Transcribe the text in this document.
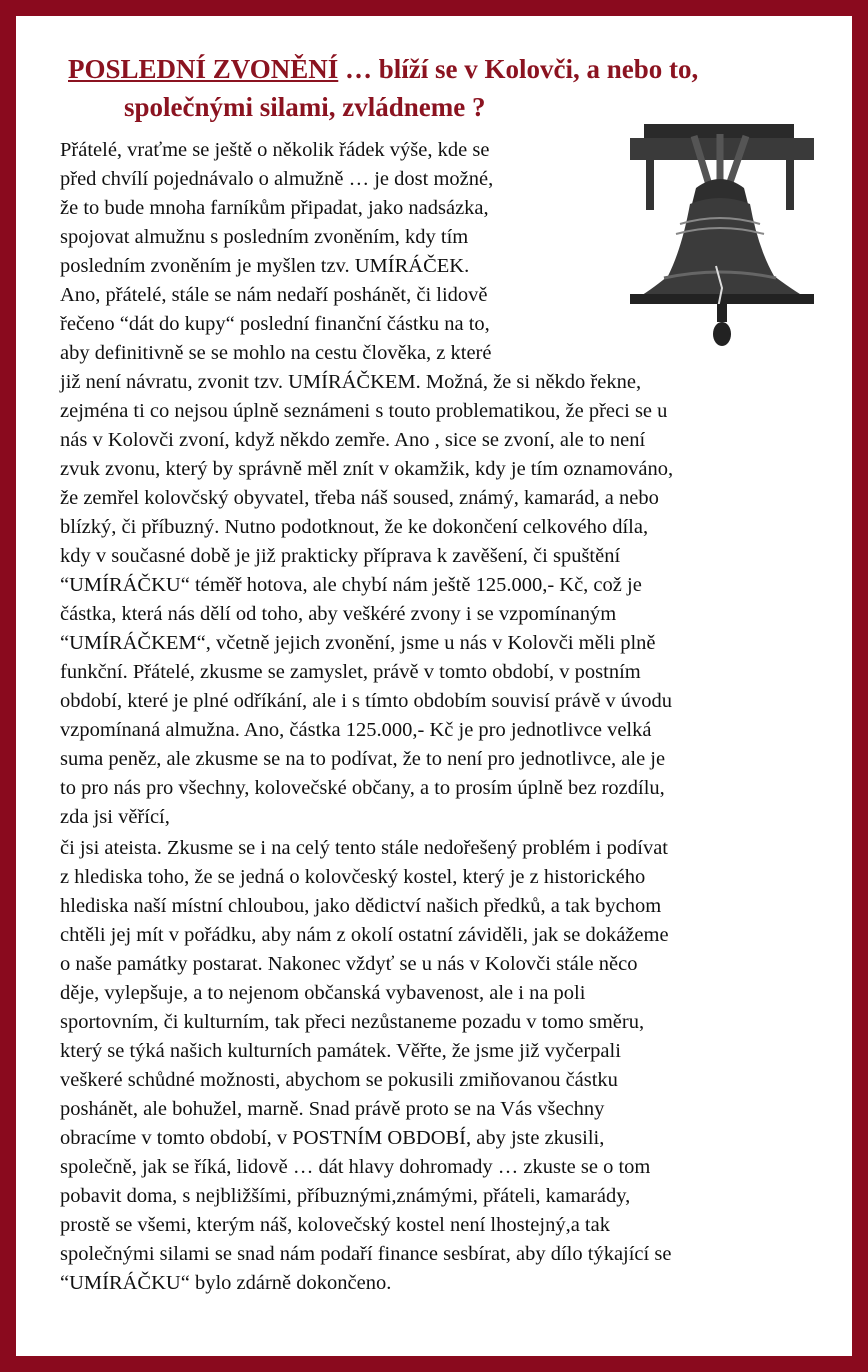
POSLEDNÍ ZVONĚNÍ … blíží se v Kolovči, a nebo to,
společnými silami, zvládneme ?
Přátelé, vraťme se ještě o několik řádek výše, kde se
před chvílí pojednávalo o almužně … je dost možné,
že to bude mnoha farníkům připadat, jako nadsázka,
spojovat almužnu s posledním zvoněním, kdy tím
posledním zvoněním je myšlen tzv. UMÍRÁČEK.
Ano, přátelé, stále se nám nedaří poshánět, či lidově
řečeno “dát do kupy“ poslední finanční částku na to,
aby definitivně se se mohlo na cestu člověka, z které
již není návratu, zvonit tzv. UMÍRÁČKEM. Možná, že si někdo řekne,
zejména ti co nejsou úplně seznámeni s touto problematikou, že přeci se u
nás v Kolovči zvoní, když někdo zemře. Ano , sice se zvoní, ale to není
zvuk zvonu, který by správně měl znít v okamžik, kdy je tím oznamováno,
že zemřel kolovčský obyvatel, třeba náš soused, známý, kamarád, a nebo
blízký, či příbuzný. Nutno podotknout, že ke dokončení celkového díla,
kdy v současné době je již prakticky příprava k zavěšení, či spuštění
“UMÍRÁČKU“ téměř hotova, ale chybí nám ještě 125.000,- Kč, což je
částka, která nás dělí od toho, aby veškéré zvony i se vzpomínaným
“UMÍRÁČKEM“, včetně jejich zvonění, jsme u nás v Kolovči měli plně
funkční. Přátelé, zkusme se zamyslet, právě v tomto období, v postním
období, které je plné odříkání, ale i s tímto obdobím souvisí právě v úvodu
vzpomínaná almužna. Ano, částka 125.000,- Kč je pro jednotlivce velká
suma peněz, ale zkusme se na to podívat, že to není pro jednotlivce, ale je
to pro nás pro všechny, kolovečské občany, a to prosím úplně bez rozdílu,
zda jsi věřící,
či jsi ateista. Zkusme se i na celý tento stále nedořešený problém i podívat
z hlediska toho, že se jedná o kolovčeský kostel, který je z historického
hlediska naší místní chloubou, jako dědictví našich předků, a tak bychom
chtěli jej mít v pořádku, aby nám z okolí ostatní záviděli, jak se dokážeme
o naše památky postarat. Nakonec vždyť se u nás v Kolovči stále něco
děje, vylepšuje, a to nejenom občanská vybavenost, ale i na poli
sportovním, či kulturním, tak přeci nezůstaneme pozadu v tomo směru,
který se týká našich kulturních památek. Věřte, že jsme již vyčerpali
veškeré schůdné možnosti, abychom se pokusili zmiňovanou částku
poshánět, ale bohužel, marně. Snad právě proto se na Vás všechny
obracíme v tomto období, v POSTNÍM OBDOBÍ, aby jste zkusili,
společně, jak se říká, lidově … dát hlavy dohromady … zkuste se o tom
pobavit doma, s nejbližšími, příbuznými,známými, přáteli, kamarády,
prostě se všemi, kterým náš, kolovečský kostel není lhostejný,a tak
společnými silami se snad nám podaří finance sesbírat, aby dílo týkající se
“UMÍRÁČKU“ bylo zdárně dokončeno.
